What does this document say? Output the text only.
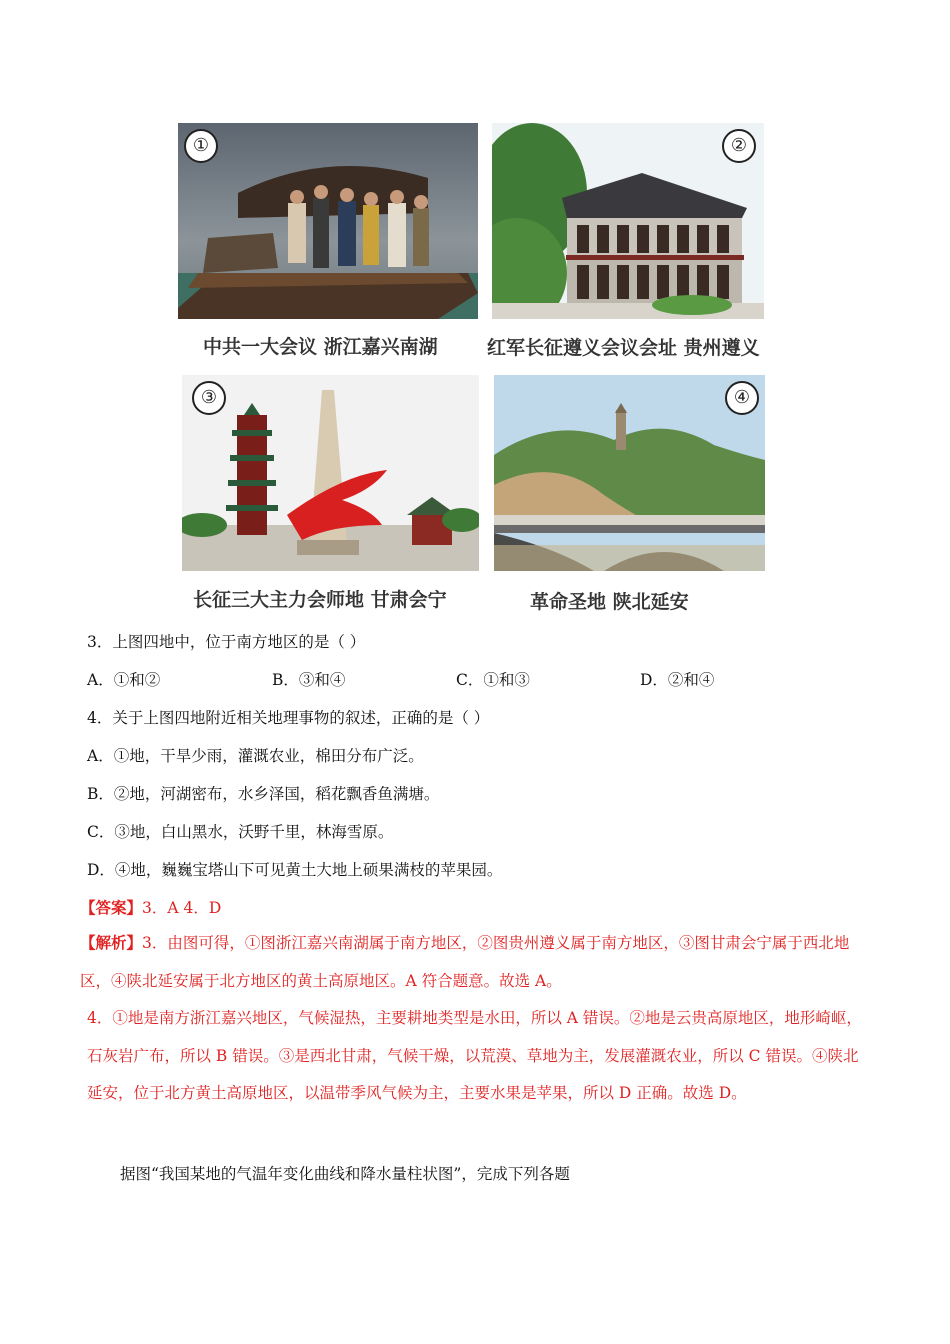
①
中共一大会议 浙江嘉兴南湖
②
红军长征遵义会议会址 贵州遵义
③
长征三大主力会师地 甘肃会宁
④
革命圣地 陕北延安
3．上图四地中，位于南方地区的是（ ）
A．①和②	B．③和④	C．①和③	D．②和④
4．关于上图四地附近相关地理事物的叙述，正确的是（ ）
A．①地，干旱少雨，灌溉农业，棉田分布广泛。
B．②地，河湖密布，水乡泽国，稻花飘香鱼满塘。
C．③地，白山黑水，沃野千里，林海雪原。
D．④地，巍巍宝塔山下可见黄土大地上硕果满枝的苹果园。
【答案】3．A 4．D
【解析】3．由图可得，①图浙江嘉兴南湖属于南方地区，②图贵州遵义属于南方地区，③图甘肃会宁属于西北地区，④陕北延安属于北方地区的黄土高原地区。A 符合题意。故选 A。
4．①地是南方浙江嘉兴地区，气候湿热，主要耕地类型是水田，所以 A 错误。②地是云贵高原地区，地形崎岖，石灰岩广布，所以 B 错误。③是西北甘肃，气候干燥，以荒漠、草地为主，发展灌溉农业，所以 C 错误。④陕北延安，位于北方黄土高原地区，以温带季风气候为主，主要水果是苹果，所以 D 正确。故选 D。
据图“我国某地的气温年变化曲线和降水量柱状图”，完成下列各题
